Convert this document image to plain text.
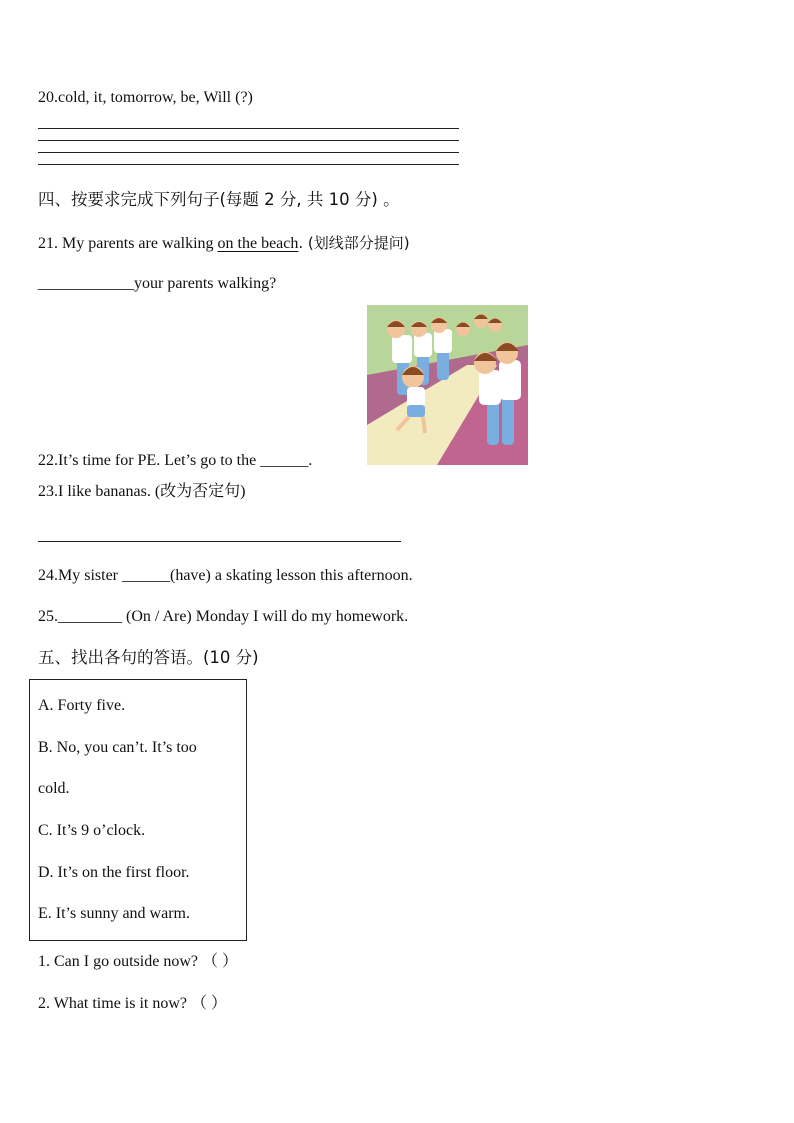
20.cold, it, tomorrow, be, Will (?)
四、按要求完成下列句子(每题 2 分, 共 10 分) 。
21. My parents are walking on the beach. (划线部分提问)
____________your parents walking?
22.It’s time for PE. Let’s go to the ______.
23.I like bananas. (改为否定句)
24.My sister ______(have) a skating lesson this afternoon.
25.________ (On / Are) Monday I will do my homework.
五、找出各句的答语。(10 分)
A. Forty five.
B. No, you can’t. It’s too
cold.
C. It’s 9 o’clock.
D. It’s on the first floor.
E. It’s sunny and warm.
1. Can I go outside now? （ ）
2. What time is it now? （ ）
